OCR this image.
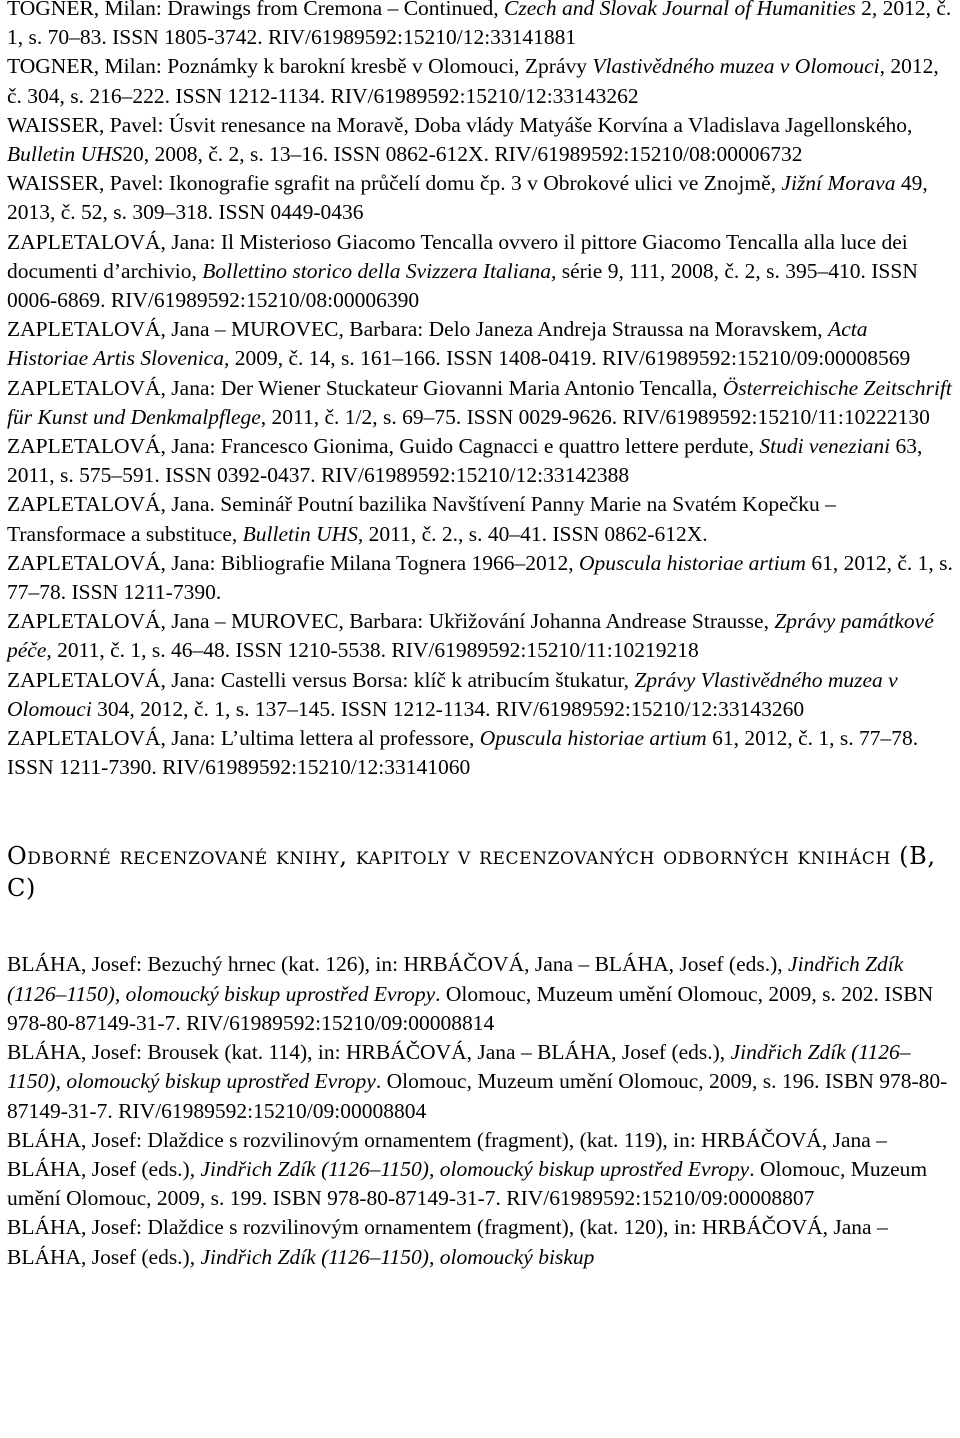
TOGNER, Milan: Drawings from Cremona – Continued, Czech and Slovak Journal of Humanities 2, 2012, č. 1, s. 70–83. ISSN 1805-3742. RIV/61989592:15210/12:33141881

TOGNER, Milan: Poznámky k barokní kresbě v Olomouci, Zprávy Vlastivědného muzea v Olomouci, 2012, č. 304, s. 216–222. ISSN 1212-1134. RIV/61989592:15210/12:33143262

WAISSER, Pavel: Úsvit renesance na Moravě, Doba vlády Matyáše Korvína a Vladislava Jagellonského, Bulletin UHS20, 2008, č. 2, s. 13–16. ISSN 0862-612X. RIV/61989592:15210/08:00006732

WAISSER, Pavel: Ikonografie sgrafit na průčelí domu čp. 3 v Obrokové ulici ve Znojmě, Jižní Morava 49, 2013, č. 52, s. 309–318. ISSN 0449-0436

ZAPLETALOVÁ, Jana: Il Misterioso Giacomo Tencalla ovvero il pittore Giacomo Tencalla alla luce dei documenti d’archivio, Bollettino storico della Svizzera Italiana, série 9, 111, 2008, č. 2, s. 395–410. ISSN 0006-6869. RIV/61989592:15210/08:00006390

ZAPLETALOVÁ, Jana – MUROVEC, Barbara: Delo Janeza Andreja Straussa na Moravskem, Acta Historiae Artis Slovenica, 2009, č. 14, s. 161–166. ISSN 1408-0419. RIV/61989592:15210/09:00008569

ZAPLETALOVÁ, Jana: Der Wiener Stuckateur Giovanni Maria Antonio Tencalla, Österreichische Zeitschrift für Kunst und Denkmalpflege, 2011, č. 1/2, s. 69–75. ISSN 0029-9626. RIV/61989592:15210/11:10222130

ZAPLETALOVÁ, Jana: Francesco Gionima, Guido Cagnacci e quattro lettere perdute, Studi veneziani 63, 2011, s. 575–591. ISSN 0392-0437. RIV/61989592:15210/12:33142388

ZAPLETALOVÁ, Jana. Seminář Poutní bazilika Navštívení Panny Marie na Svatém Kopečku – Transformace a substituce, Bulletin UHS, 2011, č. 2., s. 40–41. ISSN 0862-612X.

ZAPLETALOVÁ, Jana: Bibliografie Milana Tognera 1966–2012, Opuscula historiae artium 61, 2012, č. 1, s. 77–78. ISSN 1211-7390.

ZAPLETALOVÁ, Jana – MUROVEC, Barbara: Ukřižování Johanna Andrease Strausse, Zprávy památkové péče, 2011, č. 1, s. 46–48. ISSN 1210-5538. RIV/61989592:15210/11:10219218

ZAPLETALOVÁ, Jana: Castelli versus Borsa: klíč k atribucím štukatur, Zprávy Vlastivědného muzea v Olomouci 304, 2012, č. 1, s. 137–145. ISSN 1212-1134. RIV/61989592:15210/12:33143260

ZAPLETALOVÁ, Jana: L’ultima lettera al professore, Opuscula historiae artium 61, 2012, č. 1, s. 77–78. ISSN 1211-7390. RIV/61989592:15210/12:33141060

Odborné recenzované knihy, kapitoly v recenzovaných odborných knihách (B, C)

BLÁHA, Josef: Bezuchý hrnec (kat. 126), in: HRBÁČOVÁ, Jana – BLÁHA, Josef (eds.), Jindřich Zdík (1126–1150), olomoucký biskup uprostřed Evropy. Olomouc, Muzeum umění Olomouc, 2009, s. 202. ISBN 978-80-87149-31-7. RIV/61989592:15210/09:00008814

BLÁHA, Josef: Brousek (kat. 114), in: HRBÁČOVÁ, Jana – BLÁHA, Josef (eds.), Jindřich Zdík (1126–1150), olomoucký biskup uprostřed Evropy. Olomouc, Muzeum umění Olomouc, 2009, s. 196. ISBN 978-80-87149-31-7. RIV/61989592:15210/09:00008804

BLÁHA, Josef: Dlaždice s rozvilinovým ornamentem (fragment), (kat. 119), in: HRBÁČOVÁ, Jana – BLÁHA, Josef (eds.), Jindřich Zdík (1126–1150), olomoucký biskup uprostřed Evropy. Olomouc, Muzeum umění Olomouc, 2009, s. 199. ISBN 978-80-87149-31-7. RIV/61989592:15210/09:00008807

BLÁHA, Josef: Dlaždice s rozvilinovým ornamentem (fragment), (kat. 120), in: HRBÁČOVÁ, Jana – BLÁHA, Josef (eds.), Jindřich Zdík (1126–1150), olomoucký biskup
